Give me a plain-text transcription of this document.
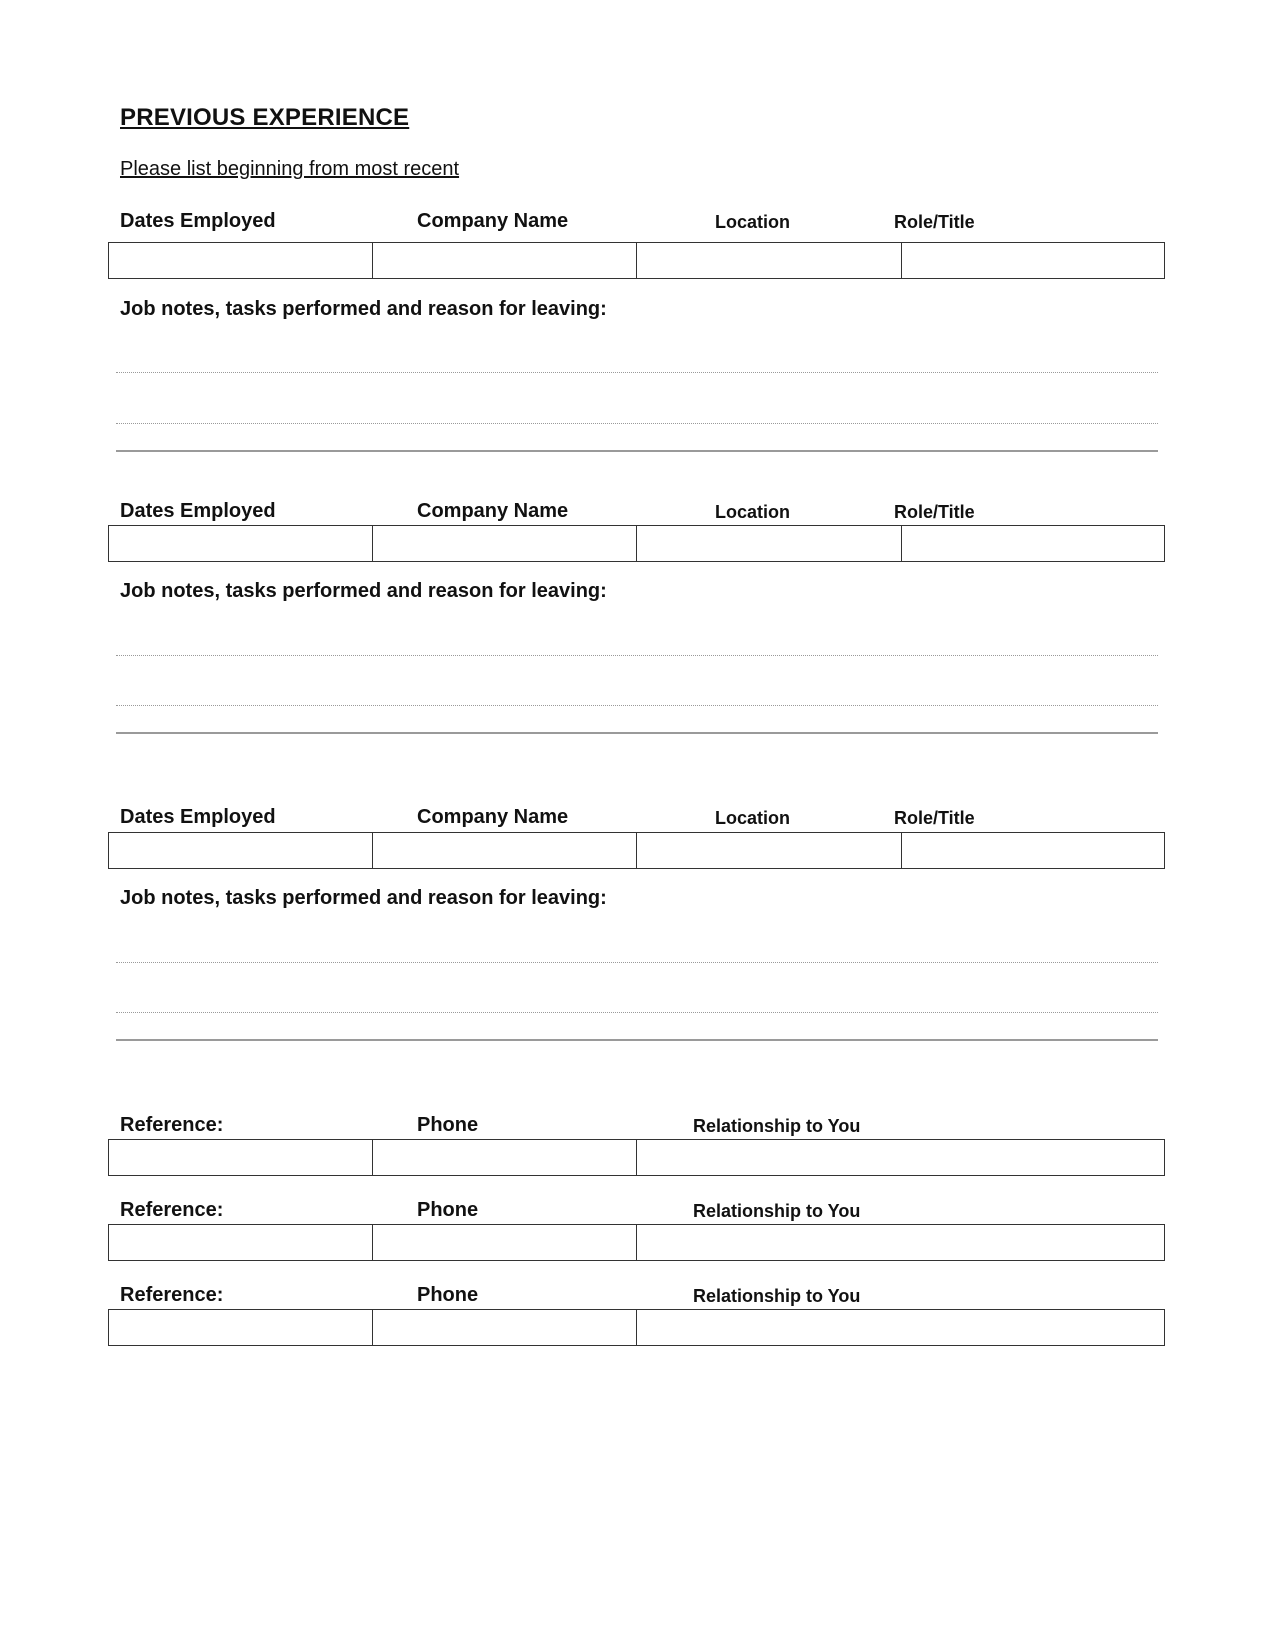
PREVIOUS EXPERIENCE

Please list beginning from most recent

Dates Employed	Company Name	Location	Role/Title
Job notes, tasks performed and reason for leaving:
Dates Employed	Company Name	Location	Role/Title
Job notes, tasks performed and reason for leaving:
Dates Employed	Company Name	Location	Role/Title
Job notes, tasks performed and reason for leaving:
Reference:	Phone	Relationship to You
Reference:	Phone	Relationship to You
Reference:	Phone	Relationship to You
